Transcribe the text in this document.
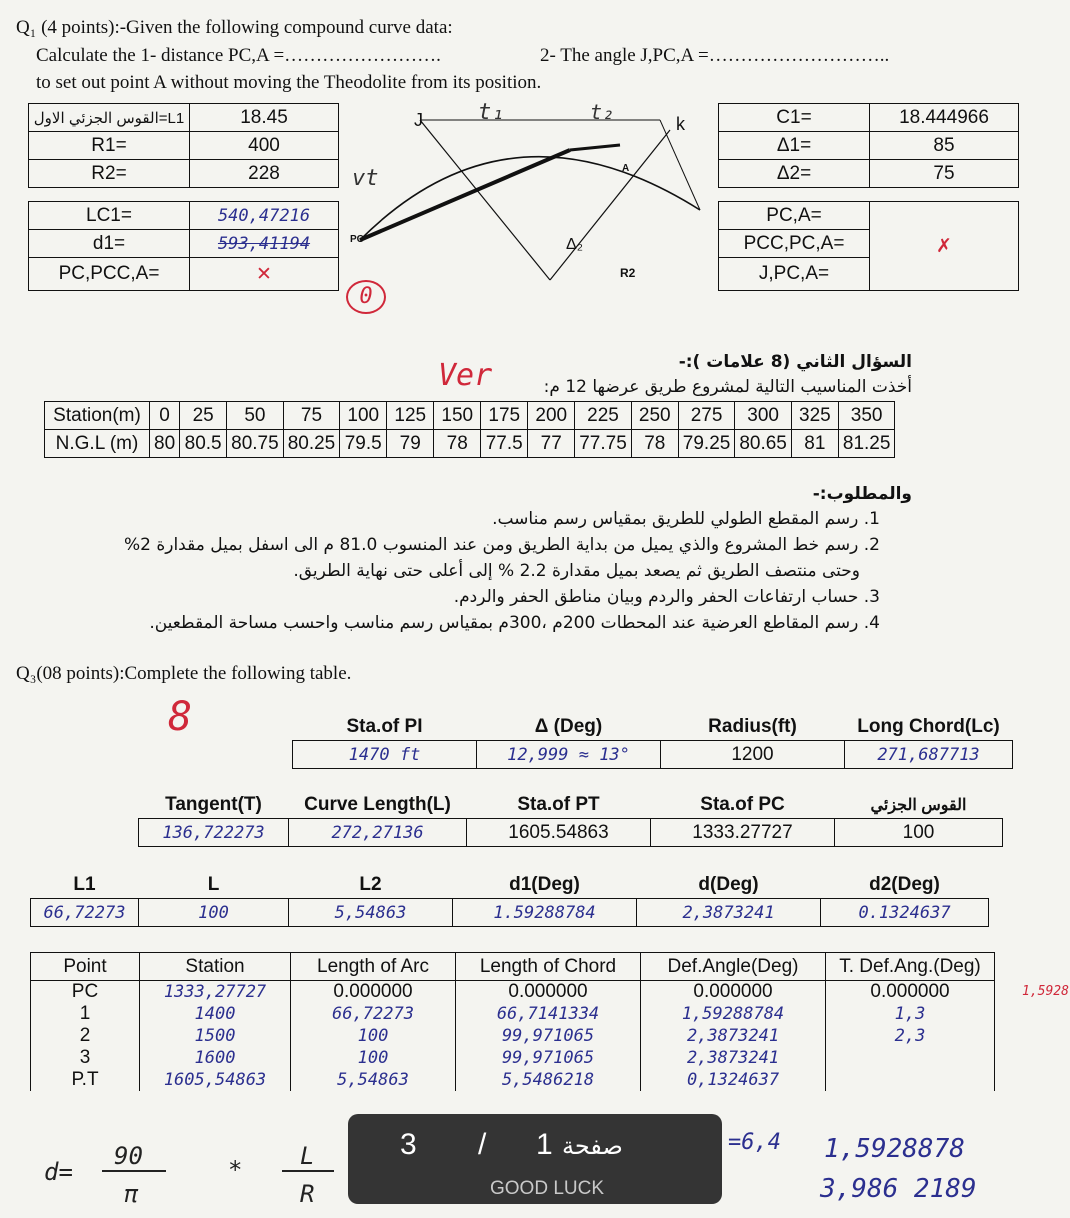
Q₁ (4 points):-Given the following compound curve data:
Calculate the 1- distance PC,A =…………………….	2- The angle J,PC,A =………………………..
to set out point A without moving the Theodolite from its position.
القوس الجزئي الاول=L1	18.45
R1=	400
R2=	228
LC1=	540,47216
d1=	593,41194
PC,PCC,A=	✕
C1=	18.444966
Δ1=	85
Δ2=	75
PC,A=	✗
PCC,PC,A=
J,PC,A=
J	k
A
PC
R2
Δ₂
t₁	t₂
vt
0
Ver	السؤال الثاني (8 علامات ):-
أخذت المناسيب التالية لمشروع طريق عرضها 12 م:
Station(m)	0	25	50	75	100	125	150	175	200	225	250	275	300	325	350
N.G.L (m)	80	80.5	80.75	80.25	79.5	79	78	77.5	77	77.75	78	79.25	80.65	81	81.25
والمطلوب:-
1. رسم المقطع الطولي للطريق بمقياس رسم مناسب.
2. رسم خط المشروع والذي يميل من بداية الطريق ومن عند المنسوب 81.0 م الى اسفل بميل مقدارة 2%
وحتى منتصف الطريق ثم يصعد بميل مقدارة 2.2 % إلى أعلى حتى نهاية الطريق.
3. حساب ارتفاعات الحفر والردم وبيان مناطق الحفر والردم.
4. رسم المقاطع العرضية عند المحطات 200م ،300م بمقياس رسم مناسب واحسب مساحة المقطعين.
Q₃(08 points):Complete the following table.
8	Sta.of PI	Δ (Deg)	Radius(ft)	Long Chord(Lc)
1470 ft	12,999 ≈ 13°	1200	271,687713
Tangent(T)	Curve Length(L)	Sta.of PT	Sta.of PC	القوس الجزئي
136,722273	272,27136	1605.54863	1333.27727	100
L1	L	L2	d1(Deg)	d(Deg)	d2(Deg)
66,72273	100	5,54863	1.59288784	2,3873241	0.1324637
Point	Station	Length of Arc	Length of Chord	Def.Angle(Deg)	T. Def.Ang.(Deg)
PC	1333,27727	0.000000	0.000000	0.000000	0.000000
1	1400	66,72273	66,7141334	1,59288784	1,3
2	1500	100	99,971065	2,3873241	2,3
3	1600	100	99,971065	2,3873241	
P.T	1605,54863	5,54863	5,5486218	0,1324637	
1,5928
d=
90
π
* L
R
=6,4 1,5928878
3,986 2189
3 / 1 صفحة
GOOD LUCK
